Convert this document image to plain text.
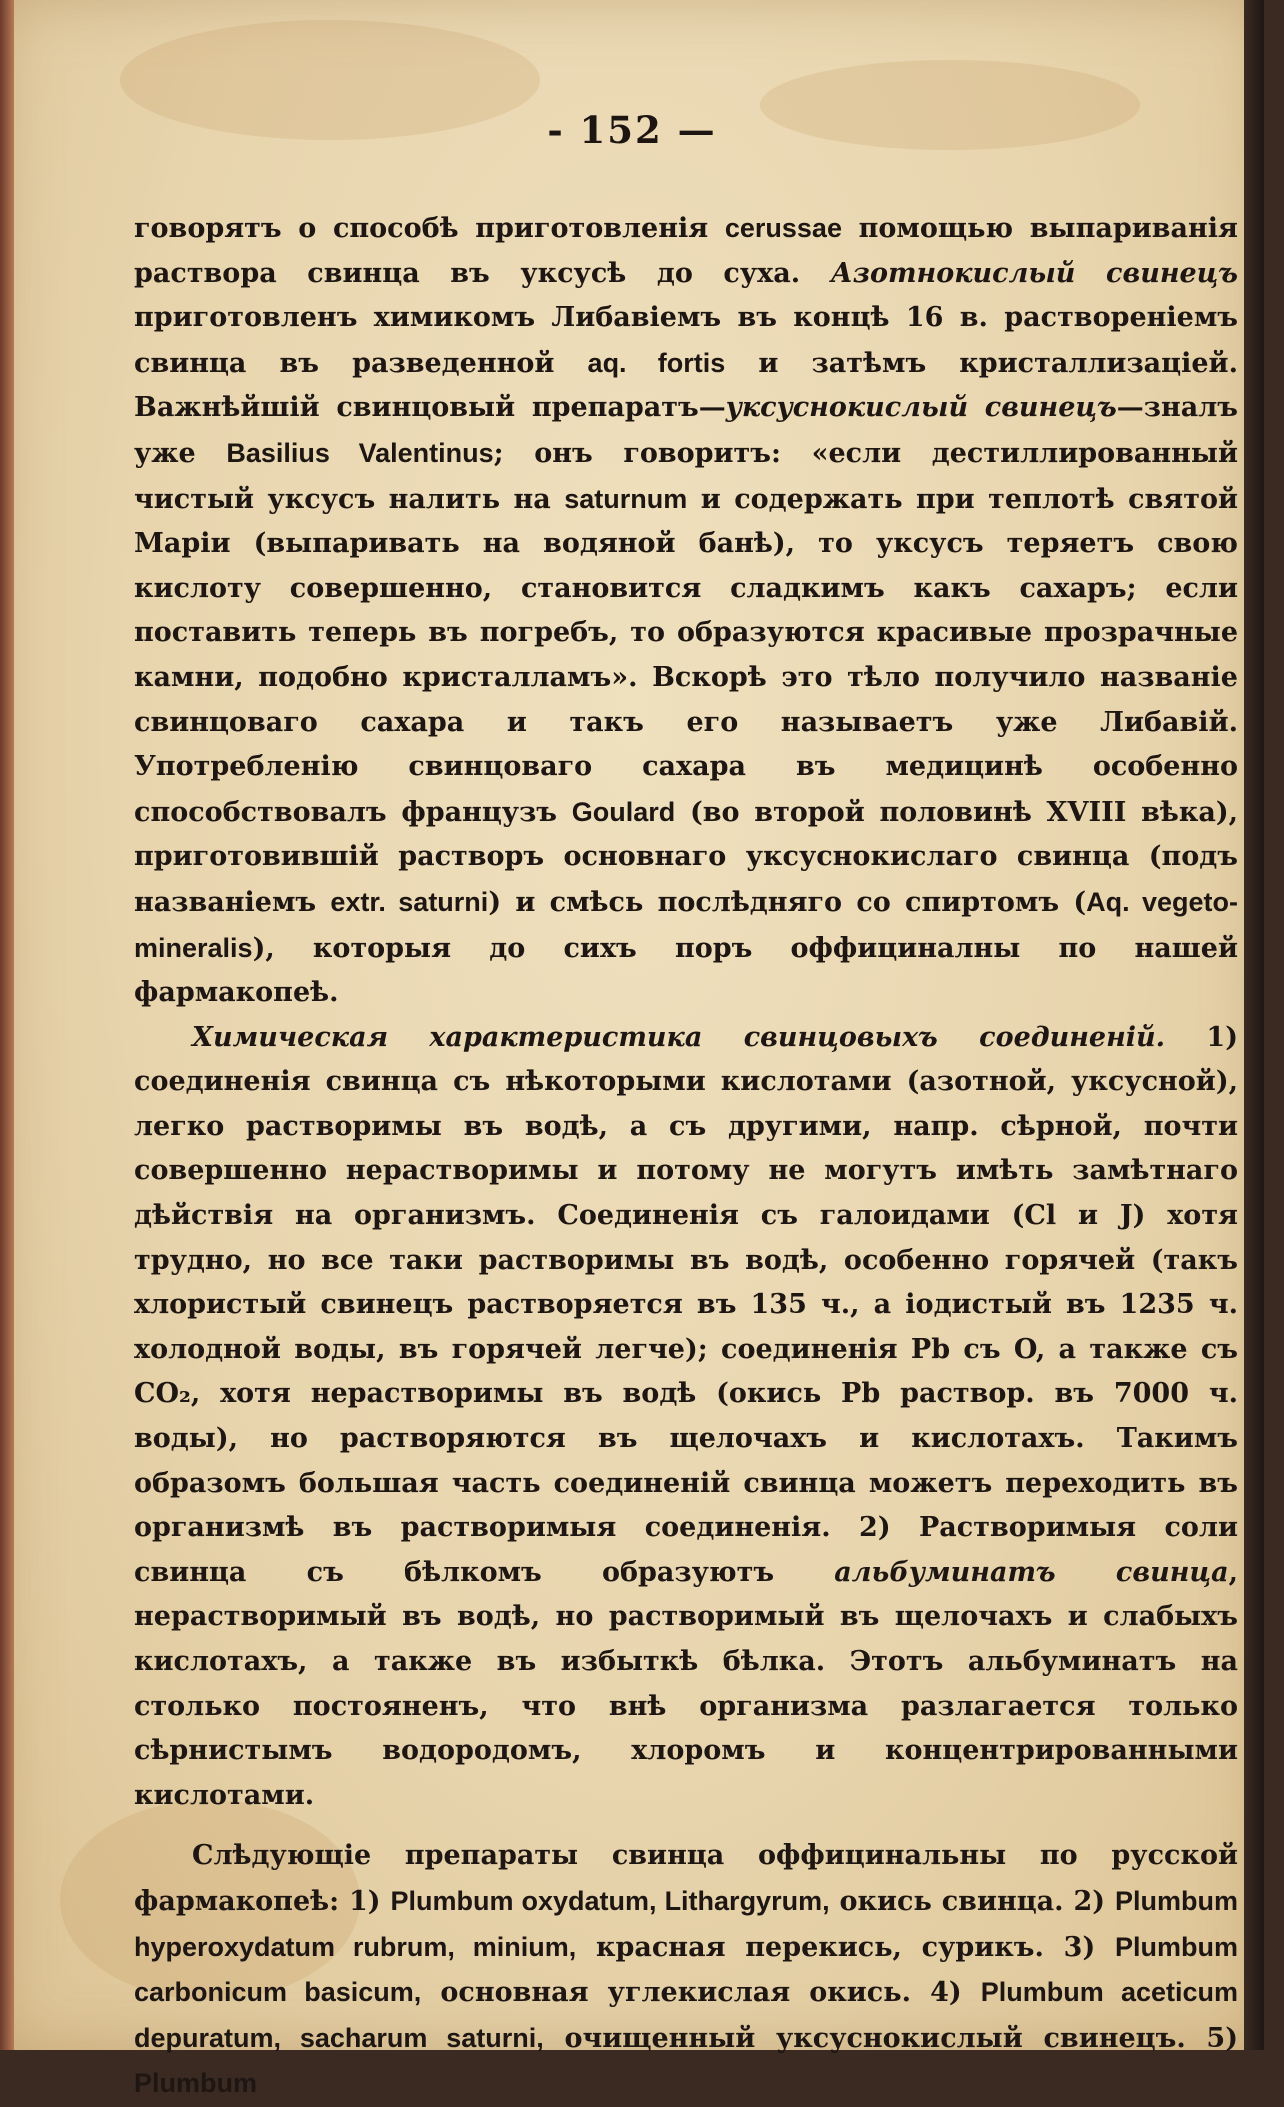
- 152 —

говорятъ о способѣ приготовленія cerussae помощью выпариванія раствора свинца въ уксусѣ до суха. Азотнокислый свинецъ приготовленъ химикомъ Либавіемъ въ концѣ 16 в. раствореніемъ свинца въ разведенной aq. fortis и затѣмъ кристаллизаціей. Важнѣйшій свинцовый препаратъ—уксуснокислый свинецъ—зналъ уже Basilius Valentinus; онъ говоритъ: «если дестиллированный чистый уксусъ налить на saturnum и содержать при теплотѣ святой Маріи (выпаривать на водяной банѣ), то уксусъ теряетъ свою кислоту совершенно, становится сладкимъ какъ сахаръ; если поставить теперь въ погребъ, то образуются красивые прозрачные камни, подобно кристалламъ». Вскорѣ это тѣло получило названіе свинцоваго сахара и такъ его называетъ уже Либавій. Употребленію свинцоваго сахара въ медицинѣ особенно способствовалъ французъ Goulard (во второй половинѣ XVIII вѣка), приготовившій растворъ основнаго уксуснокислаго свинца (подъ названіемъ extr. saturni) и смѣсь послѣдняго со спиртомъ (Aq. vegeto-mineralis), которыя до сихъ поръ оффициналны по нашей фармакопеѣ.

Химическая характеристика свинцовыхъ соединеній. 1) соединенія свинца съ нѣкоторыми кислотами (азотной, уксусной), легко растворимы въ водѣ, а съ другими, напр. сѣрной, почти совершенно нерастворимы и потому не могутъ имѣть замѣтнаго дѣйствія на организмъ. Соединенія съ галоидами (Cl и J) хотя трудно, но все таки растворимы въ водѣ, особенно горячей (такъ хлористый свинецъ растворяется въ 135 ч., а іодистый въ 1235 ч. холодной воды, въ горячей легче); соединенія Pb съ O, а также съ CO₂, хотя нерастворимы въ водѣ (окись Pb раствор. въ 7000 ч. воды), но растворяются въ щелочахъ и кислотахъ. Такимъ образомъ большая часть соединеній свинца можетъ переходить въ организмѣ въ растворимыя соединенія. 2) Растворимыя соли свинца съ бѣлкомъ образуютъ альбуминатъ свинца, нерастворимый въ водѣ, но растворимый въ щелочахъ и слабыхъ кислотахъ, а также въ избыткѣ бѣлка. Этотъ альбуминатъ на столько постояненъ, что внѣ организма разлагается только сѣрнистымъ водородомъ, хлоромъ и концентрированными кислотами.

Слѣдующіе препараты свинца оффицинальны по русской фармакопеѣ: 1) Plumbum oxydatum, Lithargyrum, окись свинца. 2) Plumbum hyperoxydatum rubrum, minium, красная перекись, сурикъ. 3) Plumbum carbonicum basicum, основная углекислая окись. 4) Plumbum aceticum depuratum, sacharum saturni, очищенный уксуснокислый свинецъ. 5) Plumbum
